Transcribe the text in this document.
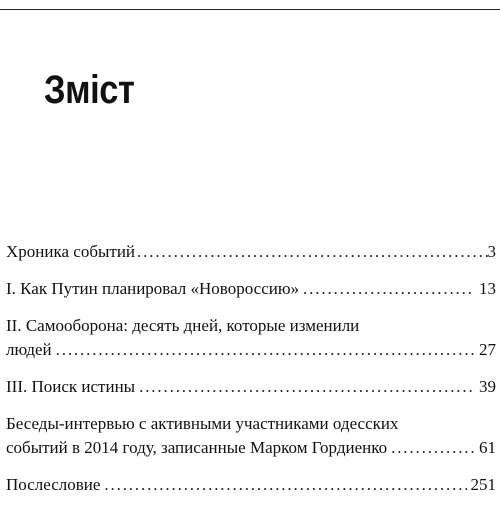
Зміст
Хроника событий . . .	3
I. Как Путин планировал «Новороссию» . . .	13
II. Самооборона: десять дней, которые изменили
людей . . .	27
III. Поиск истины . . .	39
Беседы-интервью с активными участниками одесских
событий в 2014 году, записанные Марком Гордиенко . . .	61
Послесловие . . .	251
